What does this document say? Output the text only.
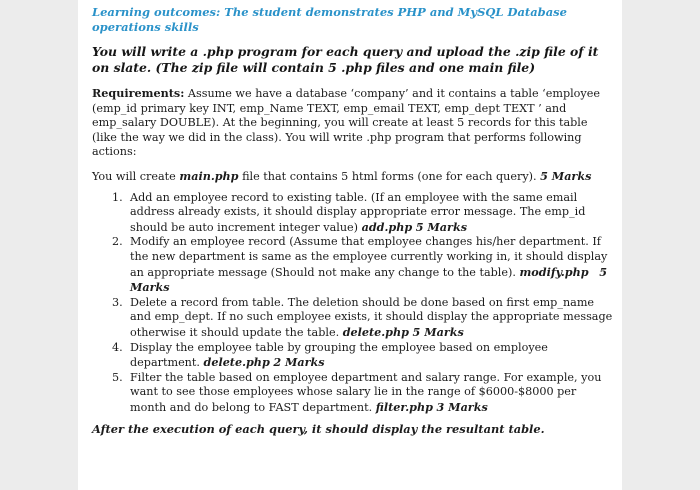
Learning outcomes: The student demonstrates PHP and MySQL Database operations skills
You will write a .php program for each query and upload the .zip file of it on slate. (The zip file will contain 5 .php files and one main file)
Requirements: Assume we have a database ‘company’ and it contains a table ‘employee (emp_id primary key INT, emp_Name TEXT, emp_email TEXT, emp_dept TEXT ’ and emp_salary DOUBLE). At the beginning, you will create at least 5 records for this table (like the way we did in the class). You will write .php program that performs following actions:
You will create main.php file that contains 5 html forms (one for each query). 5 Marks
1. Add an employee record to existing table. (If an employee with the same email address already exists, it should display appropriate error message. The emp_id should be auto increment integer value) add.php 5 Marks
2. Modify an employee record (Assume that employee changes his/her department. If the new department is same as the employee currently working in, it should display an appropriate message (Should not make any change to the table). modify.php 5 Marks
3. Delete a record from table. The deletion should be done based on first emp_name and emp_dept. If no such employee exists, it should display the appropriate message otherwise it should update the table. delete.php 5 Marks
4. Display the employee table by grouping the employee based on employee department. delete.php 2 Marks
5. Filter the table based on employee department and salary range. For example, you want to see those employees whose salary lie in the range of $6000-$8000 per month and do belong to FAST department. filter.php 3 Marks
After the execution of each query, it should display the resultant table.
